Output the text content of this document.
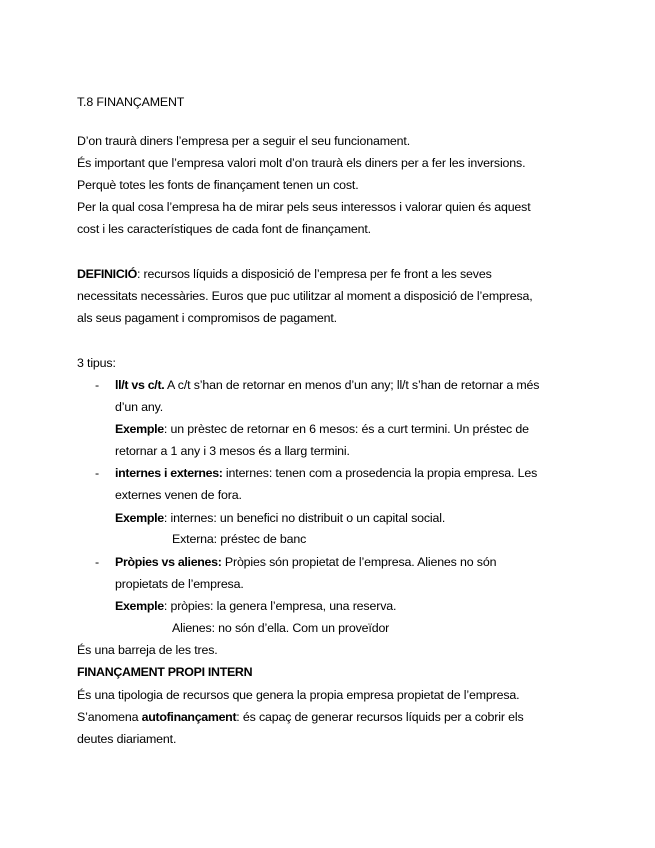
T.8 FINANÇAMENT
D’on traurà diners l’empresa per a seguir el seu funcionament.
És important que l’empresa valori molt d’on traurà els diners per a fer les inversions.
Perquè totes les fonts de finançament tenen un cost.
Per la qual cosa l’empresa ha de mirar pels seus interessos i valorar quien és aquest
cost i les característiques de cada font de finançament.
DEFINICIÓ: recursos líquids a disposició de l’empresa per fe front a les seves
necessitats necessàries. Euros que puc utilitzar al moment a disposició de l’empresa,
als seus pagament i compromisos de pagament.
3 tipus:
- ll/t vs c/t. A c/t s’han de retornar en menos d’un any; ll/t s’han de retornar a més
d’un any.
Exemple: un prèstec de retornar en 6 mesos: és a curt termini. Un préstec de
retornar a 1 any i 3 mesos és a llarg termini.
- internes i externes: internes: tenen com a prosedencia la propia empresa. Les
externes venen de fora.
Exemple: internes: un benefici no distribuit o un capital social.
Externa: préstec de banc
- Pròpies vs alienes: Pròpies són propietat de l’empresa. Alienes no són
propietats de l’empresa.
Exemple: pròpies: la genera l’empresa, una reserva.
Alienes: no són d’ella. Com un proveïdor
És una barreja de les tres.
FINANÇAMENT PROPI INTERN
És una tipologia de recursos que genera la propia empresa propietat de l’empresa.
S’anomena autofinançament: és capaç de generar recursos líquids per a cobrir els
deutes diariament.
